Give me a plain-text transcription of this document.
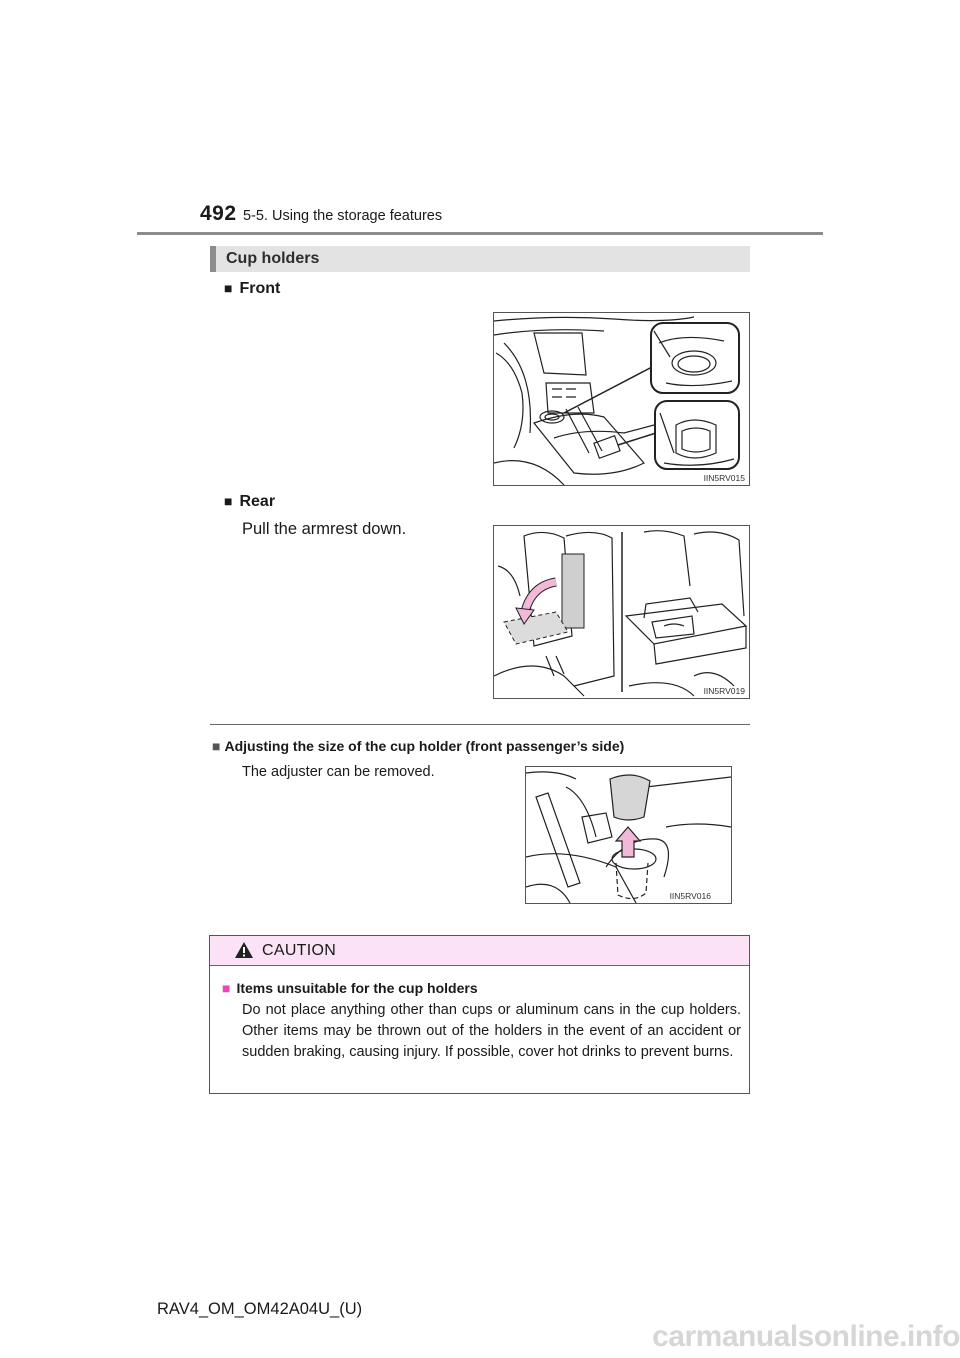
492 5-5. Using the storage features
Cup holders
■ Front
IIN5RV015
■ Rear
Pull the armrest down.
IIN5RV019
■ Adjusting the size of the cup holder (front passenger’s side)
The adjuster can be removed.
IIN5RV016
CAUTION
■ Items unsuitable for the cup holders
Do not place anything other than cups or aluminum cans in the cup holders. Other items may be thrown out of the holders in the event of an accident or sudden braking, causing injury. If possible, cover hot drinks to prevent burns.
RAV4_OM_OM42A04U_(U)
carmanualsonline.info
